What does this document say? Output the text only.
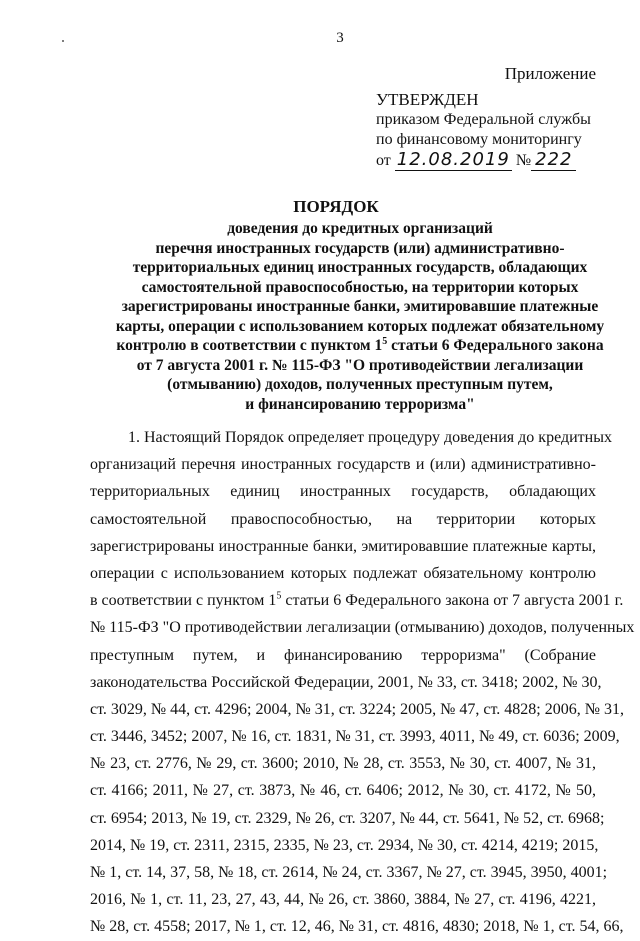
3
Приложение
УТВЕРЖДЕН
приказом Федеральной службы
по финансовому мониторингу
от 12.08.2019 № 222
ПОРЯДОК
доведения до кредитных организаций
перечня иностранных государств (или) административно-
территориальных единиц иностранных государств, обладающих
самостоятельной правоспособностью, на территории которых
зарегистрированы иностранные банки, эмитировавшие платежные
карты, операции с использованием которых подлежат обязательному
контролю в соответствии с пунктом $1^5$ статьи 6 Федерального закона
от 7 августа 2001 г. № 115-ФЗ "О противодействии легализации
(отмыванию) доходов, полученных преступным путем,
и финансированию терроризма"
1. Настоящий Порядок определяет процедуру доведения до кредитных
организаций перечня иностранных государств и (или) административно-
территориальных единиц иностранных государств, обладающих
самостоятельной правоспособностью, на территории которых
зарегистрированы иностранные банки, эмитировавшие платежные карты,
операции с использованием которых подлежат обязательному контролю
в соответствии с пунктом $1^5$ статьи 6 Федерального закона от 7 августа 2001 г.
№ 115-ФЗ "О противодействии легализации (отмыванию) доходов, полученных
преступным путем, и финансированию терроризма" (Собрание
законодательства Российской Федерации, 2001, № 33, ст. 3418; 2002, № 30,
ст. 3029, № 44, ст. 4296; 2004, № 31, ст. 3224; 2005, № 47, ст. 4828; 2006, № 31,
ст. 3446, 3452; 2007, № 16, ст. 1831, № 31, ст. 3993, 4011, № 49, ст. 6036; 2009,
№ 23, ст. 2776, № 29, ст. 3600; 2010, № 28, ст. 3553, № 30, ст. 4007, № 31,
ст. 4166; 2011, № 27, ст. 3873, № 46, ст. 6406; 2012, № 30, ст. 4172, № 50,
ст. 6954; 2013, № 19, ст. 2329, № 26, ст. 3207, № 44, ст. 5641, № 52, ст. 6968;
2014, № 19, ст. 2311, 2315, 2335, № 23, ст. 2934, № 30, ст. 4214, 4219; 2015,
№ 1, ст. 14, 37, 58, № 18, ст. 2614, № 24, ст. 3367, № 27, ст. 3945, 3950, 4001;
2016, № 1, ст. 11, 23, 27, 43, 44, № 26, ст. 3860, 3884, № 27, ст. 4196, 4221,
№ 28, ст. 4558; 2017, № 1, ст. 12, 46, № 31, ст. 4816, 4830; 2018, № 1, ст. 54, 66,
